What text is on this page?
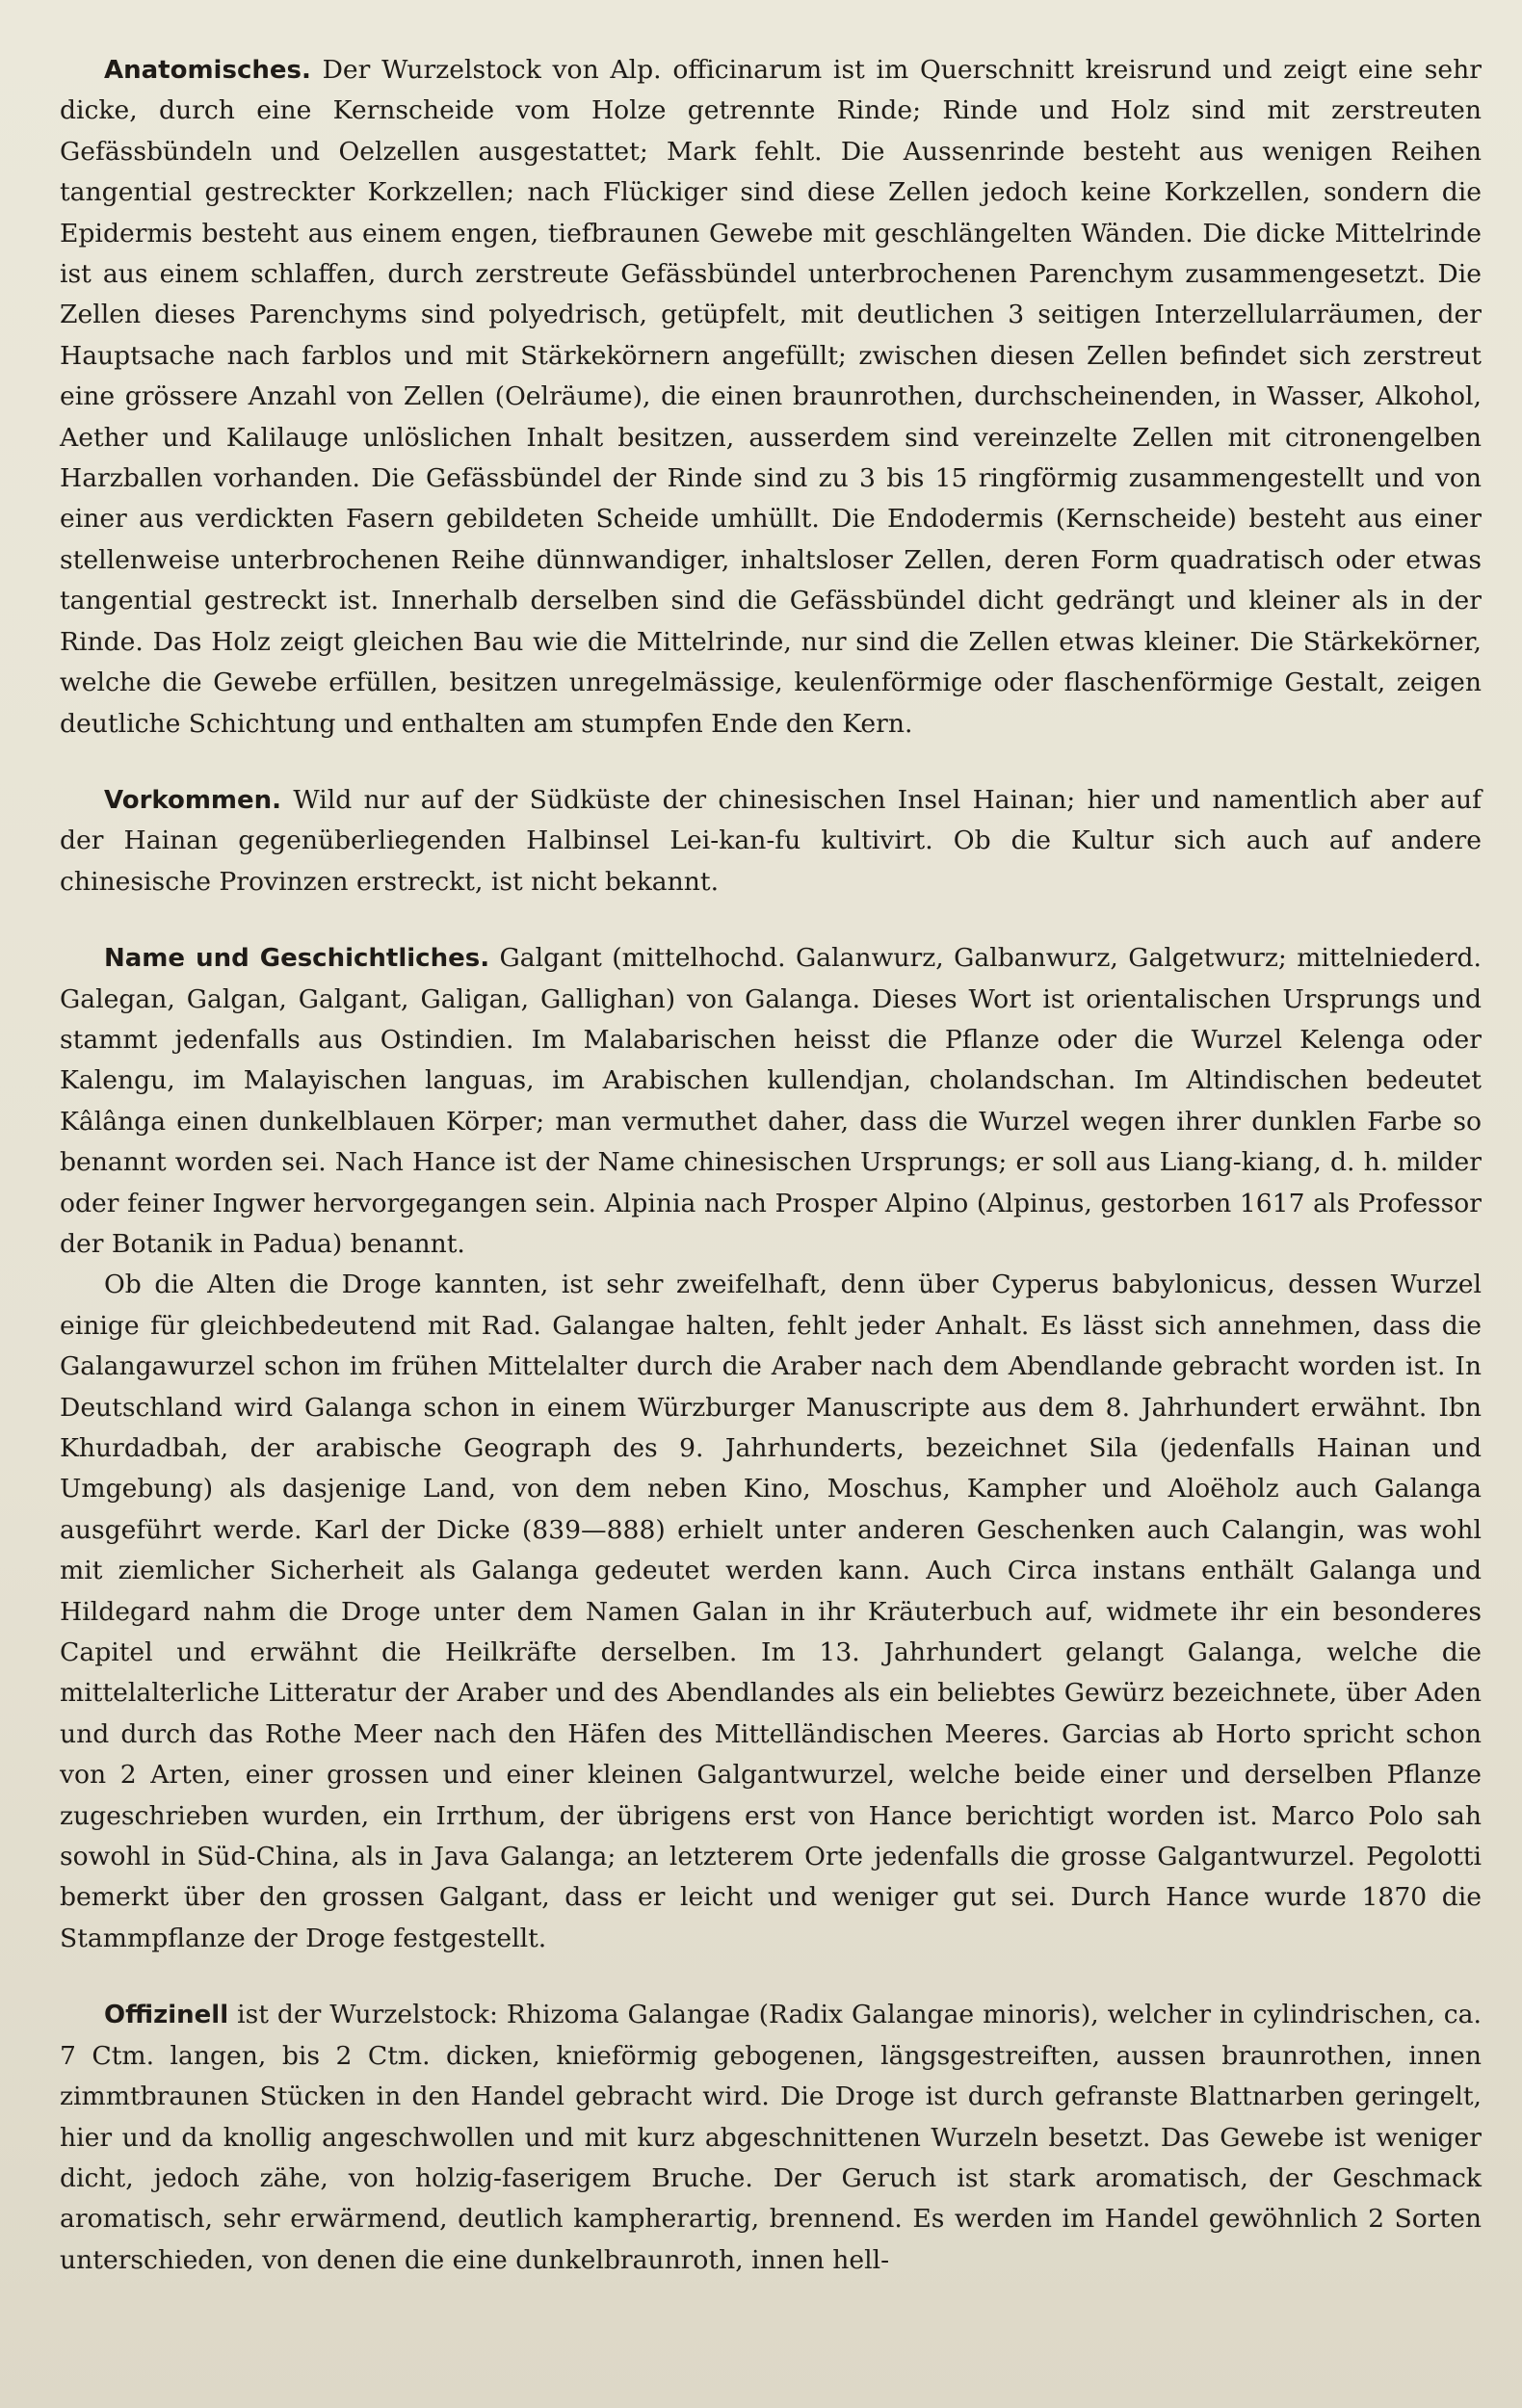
Anatomisches. Der Wurzelstock von Alp. officinarum ist im Querschnitt kreisrund und zeigt eine sehr dicke, durch eine Kernscheide vom Holze getrennte Rinde; Rinde und Holz sind mit zerstreuten Gefässbündeln und Oelzellen ausgestattet; Mark fehlt. Die Aussenrinde besteht aus wenigen Reihen tangential gestreckter Korkzellen; nach Flückiger sind diese Zellen jedoch keine Korkzellen, sondern die Epidermis besteht aus einem engen, tiefbraunen Gewebe mit geschlängelten Wänden. Die dicke Mittelrinde ist aus einem schlaffen, durch zerstreute Gefässbündel unterbrochenen Parenchym zusammengesetzt. Die Zellen dieses Parenchyms sind polyedrisch, getüpfelt, mit deutlichen 3 seitigen Interzellularräumen, der Hauptsache nach farblos und mit Stärkekörnern angefüllt; zwischen diesen Zellen befindet sich zerstreut eine grössere Anzahl von Zellen (Oelräume), die einen braunrothen, durchscheinenden, in Wasser, Alkohol, Aether und Kalilauge unlöslichen Inhalt besitzen, ausserdem sind vereinzelte Zellen mit citronengelben Harzballen vorhanden. Die Gefässbündel der Rinde sind zu 3 bis 15 ringförmig zusammengestellt und von einer aus verdickten Fasern gebildeten Scheide umhüllt. Die Endodermis (Kernscheide) besteht aus einer stellenweise unterbrochenen Reihe dünnwandiger, inhaltsloser Zellen, deren Form quadratisch oder etwas tangential gestreckt ist. Innerhalb derselben sind die Gefässbündel dicht gedrängt und kleiner als in der Rinde. Das Holz zeigt gleichen Bau wie die Mittelrinde, nur sind die Zellen etwas kleiner. Die Stärkekörner, welche die Gewebe erfüllen, besitzen unregelmässige, keulenförmige oder flaschenförmige Gestalt, zeigen deutliche Schichtung und enthalten am stumpfen Ende den Kern.

Vorkommen. Wild nur auf der Südküste der chinesischen Insel Hainan; hier und namentlich aber auf der Hainan gegenüberliegenden Halbinsel Lei-kan-fu kultivirt. Ob die Kultur sich auch auf andere chinesische Provinzen erstreckt, ist nicht bekannt.

Name und Geschichtliches. Galgant (mittelhochd. Galanwurz, Galbanwurz, Galgetwurz; mittelniederd. Galegan, Galgan, Galgant, Galigan, Gallighan) von Galanga. Dieses Wort ist orientalischen Ursprungs und stammt jedenfalls aus Ostindien. Im Malabarischen heisst die Pflanze oder die Wurzel Kelenga oder Kalengu, im Malayischen languas, im Arabischen kullendjan, cholandschan. Im Altindischen bedeutet Kâlânga einen dunkelblauen Körper; man vermuthet daher, dass die Wurzel wegen ihrer dunklen Farbe so benannt worden sei. Nach Hance ist der Name chinesischen Ursprungs; er soll aus Liang-kiang, d. h. milder oder feiner Ingwer hervorgegangen sein. Alpinia nach Prosper Alpino (Alpinus, gestorben 1617 als Professor der Botanik in Padua) benannt.

Ob die Alten die Droge kannten, ist sehr zweifelhaft, denn über Cyperus babylonicus, dessen Wurzel einige für gleichbedeutend mit Rad. Galangae halten, fehlt jeder Anhalt. Es lässt sich annehmen, dass die Galangawurzel schon im frühen Mittelalter durch die Araber nach dem Abendlande gebracht worden ist. In Deutschland wird Galanga schon in einem Würzburger Manuscripte aus dem 8. Jahrhundert erwähnt. Ibn Khurdadbah, der arabische Geograph des 9. Jahrhunderts, bezeichnet Sila (jedenfalls Hainan und Umgebung) als dasjenige Land, von dem neben Kino, Moschus, Kampher und Aloëholz auch Galanga ausgeführt werde. Karl der Dicke (839—888) erhielt unter anderen Geschenken auch Calangin, was wohl mit ziemlicher Sicherheit als Galanga gedeutet werden kann. Auch Circa instans enthält Galanga und Hildegard nahm die Droge unter dem Namen Galan in ihr Kräuterbuch auf, widmete ihr ein besonderes Capitel und erwähnt die Heilkräfte derselben. Im 13. Jahrhundert gelangt Galanga, welche die mittelalterliche Litteratur der Araber und des Abendlandes als ein beliebtes Gewürz bezeichnete, über Aden und durch das Rothe Meer nach den Häfen des Mittelländischen Meeres. Garcias ab Horto spricht schon von 2 Arten, einer grossen und einer kleinen Galgantwurzel, welche beide einer und derselben Pflanze zugeschrieben wurden, ein Irrthum, der übrigens erst von Hance berichtigt worden ist. Marco Polo sah sowohl in Süd-China, als in Java Galanga; an letzterem Orte jedenfalls die grosse Galgantwurzel. Pegolotti bemerkt über den grossen Galgant, dass er leicht und weniger gut sei. Durch Hance wurde 1870 die Stammpflanze der Droge festgestellt.

Offizinell ist der Wurzelstock: Rhizoma Galangae (Radix Galangae minoris), welcher in cylindrischen, ca. 7 Ctm. langen, bis 2 Ctm. dicken, knieförmig gebogenen, längsgestreiften, aussen braunrothen, innen zimmtbraunen Stücken in den Handel gebracht wird. Die Droge ist durch gefranste Blattnarben geringelt, hier und da knollig angeschwollen und mit kurz abgeschnittenen Wurzeln besetzt. Das Gewebe ist weniger dicht, jedoch zähe, von holzig-faserigem Bruche. Der Geruch ist stark aromatisch, der Geschmack aromatisch, sehr erwärmend, deutlich kampherartig, brennend. Es werden im Handel gewöhnlich 2 Sorten unterschieden, von denen die eine dunkelbraunroth, innen hell-
